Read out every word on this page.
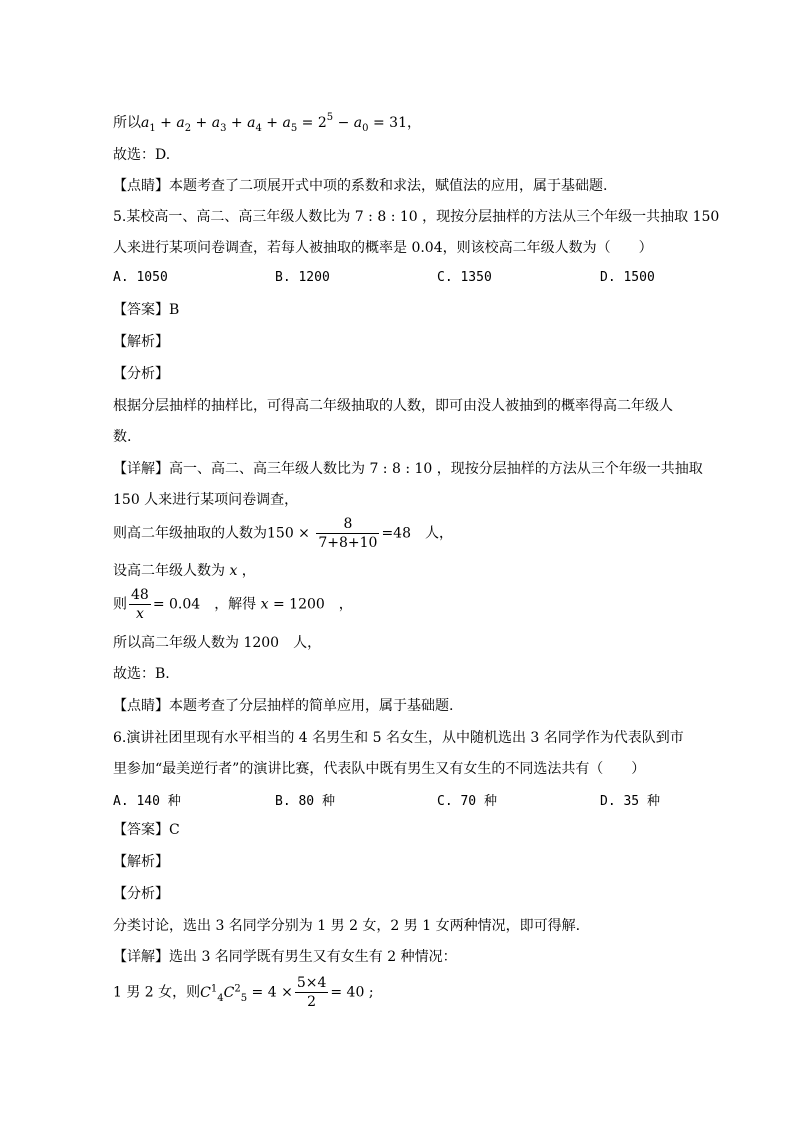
所以$a_1 + a_2 + a_3 + a_4 + a_5 = 2^5 - a_0 = 31$，
故选：D.
【点睛】本题考查了二项展开式中项的系数和求法，赋值法的应用，属于基础题.
5.某校高一、高二、高三年级人数比为 7 : 8 : 10 ，现按分层抽样的方法从三个年级一共抽取 150
人来进行某项问卷调查，若每人被抽取的概率是 0.04，则该校高二年级人数为（　　）
A. 1050	B. 1200	C. 1350	D. 1500
【答案】B
【解析】
【分析】
根据分层抽样的抽样比，可得高二年级抽取的人数，即可由没人被抽到的概率得高二年级人
数.
【详解】高一、高二、高三年级人数比为 7 : 8 : 10 ，现按分层抽样的方法从三个年级一共抽取
150 人来进行某项问卷调查，
则高二年级抽取的人数为$150 \times \frac{8}{7+8+10} =48$　人，
设高二年级人数为 x ，
则 $\frac{48}{x} = 0.04$　，解得 x = 1200　，
所以高二年级人数为 1200　人，
故选：B.
【点睛】本题考查了分层抽样的简单应用，属于基础题.
6.演讲社团里现有水平相当的 4 名男生和 5 名女生，从中随机选出 3 名同学作为代表队到市
里参加“最美逆行者”的演讲比赛，代表队中既有男生又有女生的不同选法共有（　　）
A. 140 种	B. 80 种	C. 70 种	D. 35 种
【答案】C
【解析】
【分析】
分类讨论，选出 3 名同学分别为 1 男 2 女，2 男 1 女两种情况，即可得解.
【详解】选出 3 名同学既有男生又有女生有 2 种情况：
1 男 2 女，则$C^1_4C^2_5 = 4 \times \frac{5\times 4}{2} = 40$ ;
